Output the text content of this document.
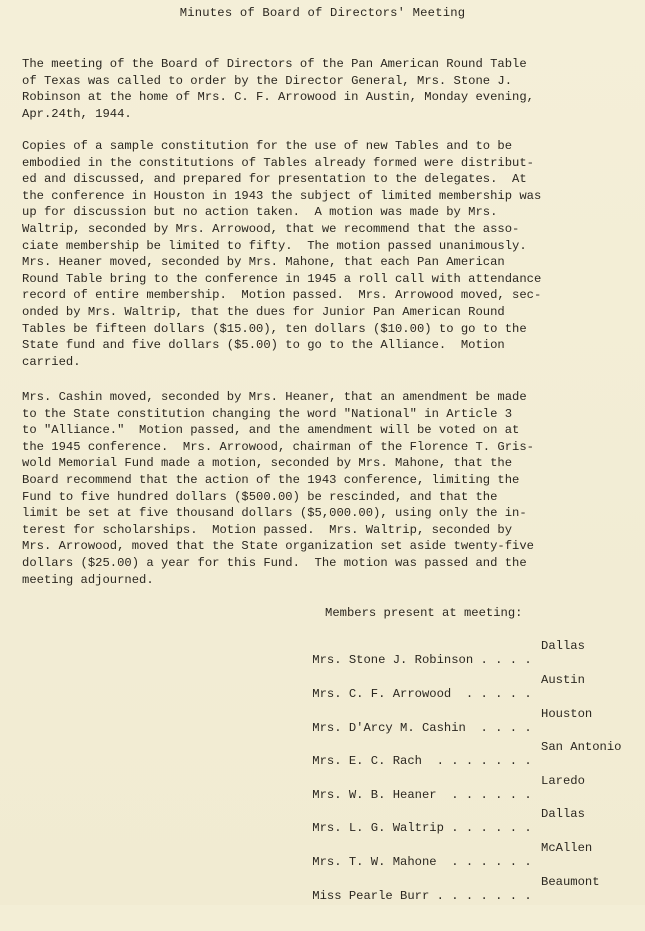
Minutes of Board of Directors' Meeting
The meeting of the Board of Directors of the Pan American Round Table
of Texas was called to order by the Director General, Mrs. Stone J.
Robinson at the home of Mrs. C. F. Arrowood in Austin, Monday evening,
Apr.24th, 1944.
Copies of a sample constitution for the use of new Tables and to be
embodied in the constitutions of Tables already formed were distribut-
ed and discussed, and prepared for presentation to the delegates.  At
the conference in Houston in 1943 the subject of limited membership was
up for discussion but no action taken.  A motion was made by Mrs.
Waltrip, seconded by Mrs. Arrowood, that we recommend that the asso-
ciate membership be limited to fifty.  The motion passed unanimously.
Mrs. Heaner moved, seconded by Mrs. Mahone, that each Pan American
Round Table bring to the conference in 1945 a roll call with attendance
record of entire membership.  Motion passed.  Mrs. Arrowood moved, sec-
onded by Mrs. Waltrip, that the dues for Junior Pan American Round
Tables be fifteen dollars ($15.00), ten dollars ($10.00) to go to the
State fund and five dollars ($5.00) to go to the Alliance.  Motion
carried.
Mrs. Cashin moved, seconded by Mrs. Heaner, that an amendment be made
to the State constitution changing the word "National" in Article 3
to "Alliance."  Motion passed, and the amendment will be voted on at
the 1945 conference.  Mrs. Arrowood, chairman of the Florence T. Gris-
wold Memorial Fund made a motion, seconded by Mrs. Mahone, that the
Board recommend that the action of the 1943 conference, limiting the
Fund to five hundred dollars ($500.00) be rescinded, and that the
limit be set at five thousand dollars ($5,000.00), using only the in-
terest for scholarships.  Motion passed.  Mrs. Waltrip, seconded by
Mrs. Arrowood, moved that the State organization set aside twenty-five
dollars ($25.00) a year for this Fund.  The motion was passed and the
meeting adjourned.
Members present at meeting:

Mrs. Stone J. Robinson . . . .

Dallas

Mrs. C. F. Arrowood  . . . . .

Austin

Mrs. D'Arcy M. Cashin  . . . .

Houston

Mrs. E. C. Rach  . . . . . . .

San Antonio

Mrs. W. B. Heaner  . . . . . .

Laredo

Mrs. L. G. Waltrip . . . . . .

Dallas

Mrs. T. W. Mahone  . . . . . .

McAllen

Miss Pearle Burr . . . . . . .

Beaumont
